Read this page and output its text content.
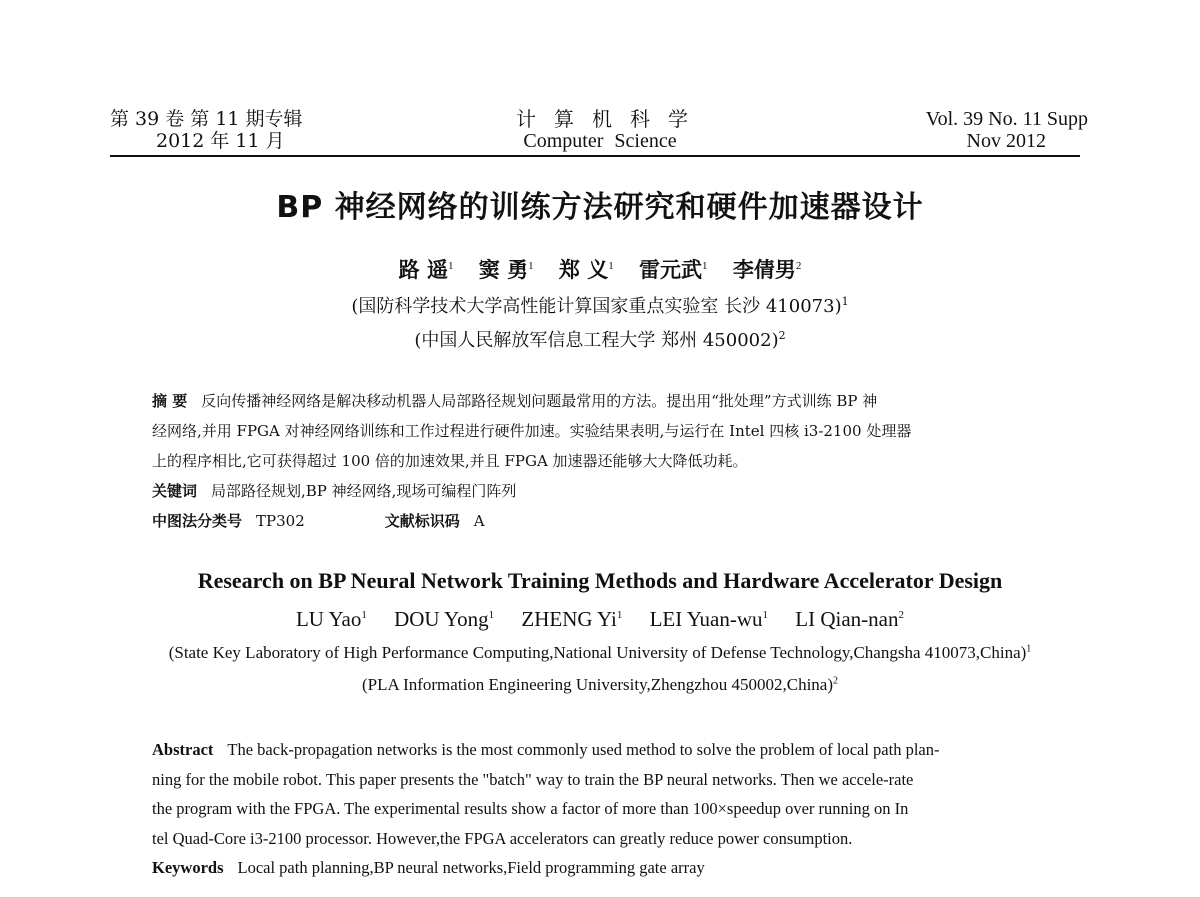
第 39 卷 第 11 期专辑
2012 年 11 月
计算机科学
Computer Science
Vol. 39 No. 11 Supp
Nov 2012
BP 神经网络的训练方法研究和硬件加速器设计
路 遥$^1$ 窦 勇$^1$ 郑 义$^1$ 雷元武$^1$ 李倩男$^2$
(国防科学技术大学高性能计算国家重点实验室 长沙 410073)$^1$
(中国人民解放军信息工程大学 郑州 450002)$^2$
摘 要 反向传播神经网络是解决移动机器人局部路径规划问题最常用的方法。提出用“批处理”方式训练 BP 神
经网络,并用 FPGA 对神经网络训练和工作过程进行硬件加速。实验结果表明,与运行在 Intel 四核 i3-2100 处理器
上的程序相比,它可获得超过 100 倍的加速效果,并且 FPGA 加速器还能够大大降低功耗。
关键词 局部路径规划,BP 神经网络,现场可编程门阵列
中图法分类号 TP302	文献标识码 A
Research on BP Neural Network Training Methods and Hardware Accelerator Design
LU Yao$^1$ DOU Yong$^1$ ZHENG Yi$^1$ LEI Yuan-$wu^1$ LI Qian-nan$^2$
(State Key Laboratory of High Performance Computing,National University of Defense Technology,Changsha 410073,China)$^1$
(PLA Information Engineering University,Zhengzhou 450002,China)$^2$
Abstract The back-propagation networks is the most commonly used method to solve the problem of local path plan-
ning for the mobile robot. This paper presents the "batch" way to train the BP neural networks. Then we accele-rate
the program with the FPGA. The experimental results show a factor of more than 100×speedup over running on In
tel Quad-Core i3-2100 processor. However,the FPGA accelerators can greatly reduce power consumption.
Keywords Local path planning,BP neural networks,Field programming gate array
